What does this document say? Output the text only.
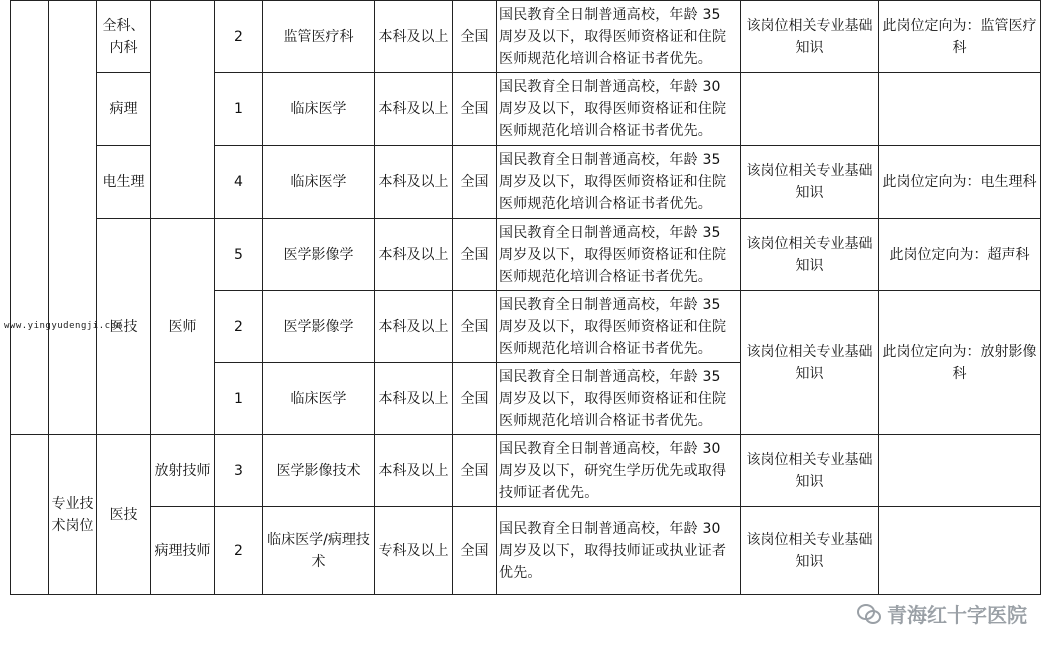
		全科、内科		2	监管医疗科	本科及以上	全国	国民教育全日制普通高校，年龄 35 周岁及以下，取得医师资格证和住院医师规范化培训合格证书者优先。	该岗位相关专业基础知识	此岗位定向为：监管医疗科
		病理		1	临床医学	本科及以上	全国	国民教育全日制普通高校，年龄 30 周岁及以下，取得医师资格证和住院医师规范化培训合格证书者优先。		
		电生理		4	临床医学	本科及以上	全国	国民教育全日制普通高校，年龄 35 周岁及以下，取得医师资格证和住院医师规范化培训合格证书者优先。	该岗位相关专业基础知识	此岗位定向为：电生理科
		医技	医师	5	医学影像学	本科及以上	全国	国民教育全日制普通高校，年龄 35 周岁及以下，取得医师资格证和住院医师规范化培训合格证书者优先。	该岗位相关专业基础知识	此岗位定向为：超声科
				2	医学影像学	本科及以上	全国	国民教育全日制普通高校，年龄 35 周岁及以下，取得医师资格证和住院医师规范化培训合格证书者优先。	该岗位相关专业基础知识	此岗位定向为：放射影像科
				1	临床医学	本科及以上	全国	国民教育全日制普通高校，年龄 35 周岁及以下，取得医师资格证和住院医师规范化培训合格证书者优先。		
	专业技术岗位	医技	放射技师	3	医学影像技术	本科及以上	全国	国民教育全日制普通高校，年龄 30 周岁及以下，研究生学历优先或取得技师证者优先。	该岗位相关专业基础知识	
			病理技师	2	临床医学/病理技术	专科及以上	全国	国民教育全日制普通高校，年龄 30 周岁及以下，取得技师证或执业证者优先。	该岗位相关专业基础知识	
www.yingyudengji.com
青海红十字医院
